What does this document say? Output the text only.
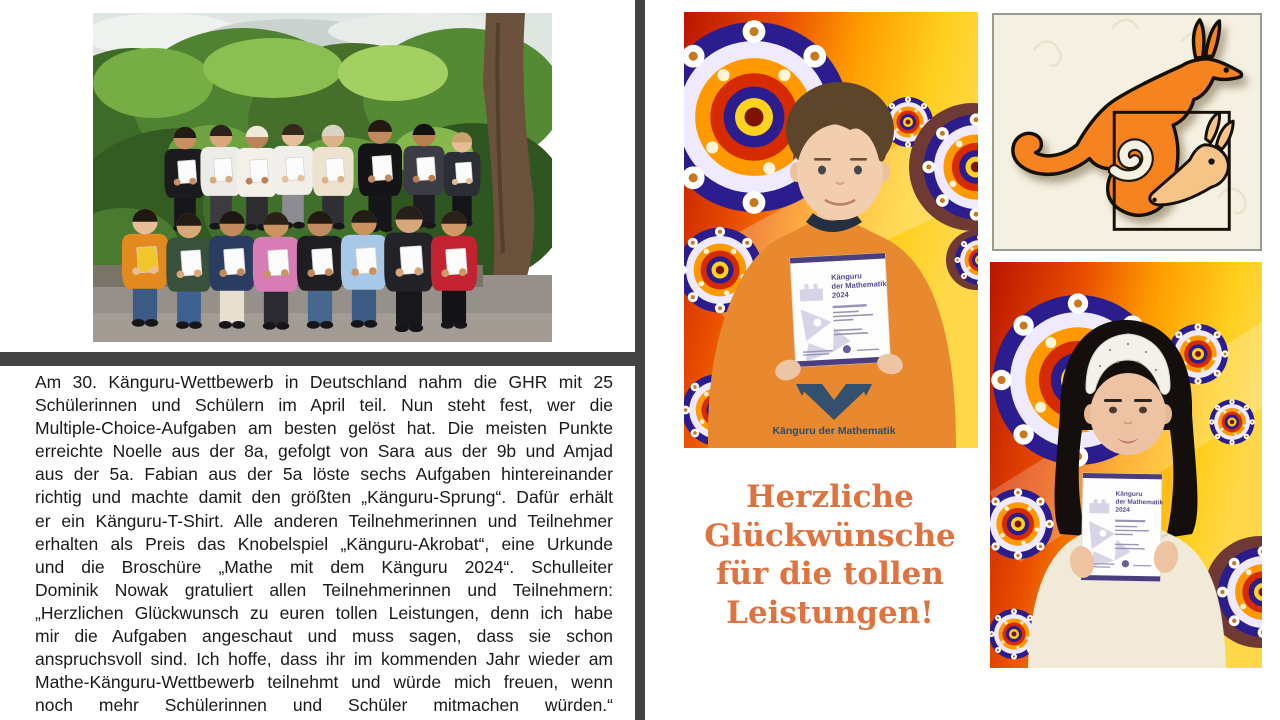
Am 30. Känguru-Wettbewerb in Deutschland nahm die GHR mit 25
Schülerinnen und Schülern im April teil. Nun steht fest, wer die
Multiple-Choice-Aufgaben am besten gelöst hat. Die meisten Punkte
erreichte Noelle aus der 8a, gefolgt von Sara aus der 9b und Amjad
aus der 5a. Fabian aus der 5a löste sechs Aufgaben hintereinander
richtig und machte damit den größten „Känguru-Sprung“. Dafür erhält
er ein Känguru-T-Shirt. Alle anderen Teilnehmerinnen und Teilnehmer
erhalten als Preis das Knobelspiel „Känguru-Akrobat“, eine Urkunde
und die Broschüre „Mathe mit dem Känguru 2024“. Schulleiter
Dominik Nowak gratuliert allen Teilnehmerinnen und Teilnehmern:
„Herzlichen Glückwunsch zu euren tollen Leistungen, denn ich habe
mir die Aufgaben angeschaut und muss sagen, dass sie schon
anspruchsvoll sind. Ich hoffe, dass ihr im kommenden Jahr wieder am
Mathe-Känguru-Wettbewerb teilnehmt und würde mich freuen, wenn
noch mehr Schülerinnen und Schüler mitmachen würden.“
Känguru
der Mathematik
2024
Känguru der Mathematik
Känguru
der Mathematik
2024
Herzliche
Glückwünsche
für die tollen
Leistungen!
